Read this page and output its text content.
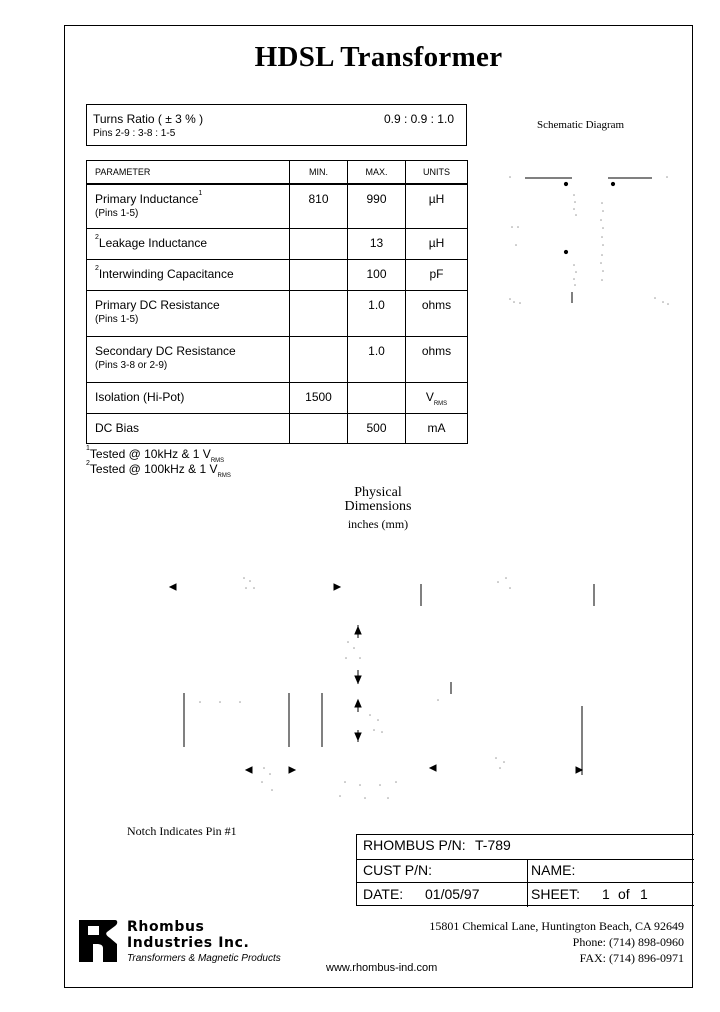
HDSL Transformer
Turns Ratio ( ± 3 % )
Pins 2-9 : 3-8 : 1-5
0.9 : 0.9 : 1.0
PARAMETER	MIN.	MAX.	UNITS
Primary Inductance$^1$
(Pins 1-5)	810	990	µH
$^2$Leakage Inductance		13	µH
$^2$Interwinding Capacitance		100	pF
Primary DC Resistance
(Pins 1-5)		1.0	ohms
Secondary DC Resistance
(Pins 3-8 or 2-9)		1.0	ohms
Isolation (Hi-Pot)	1500		$V_{RMS}$
DC Bias		500	mA
$^1$Tested @ 10kHz & 1 $V_{RMS}$
$^2$Tested @ 100kHz & 1 $V_{RMS}$
Schematic Diagram
Physical
Dimensions
inches (mm)
Notch Indicates Pin #1
RHOMBUS P/N: T-789
CUST P/N:	NAME:
DATE: 01/05/97	SHEET: 1 of 1
Rhombus
Industries Inc.
Transformers & Magnetic Products
15801 Chemical Lane, Huntington Beach, CA 92649
Phone: (714) 898-0960
FAX: (714) 896-0971
www.rhombus-ind.com
